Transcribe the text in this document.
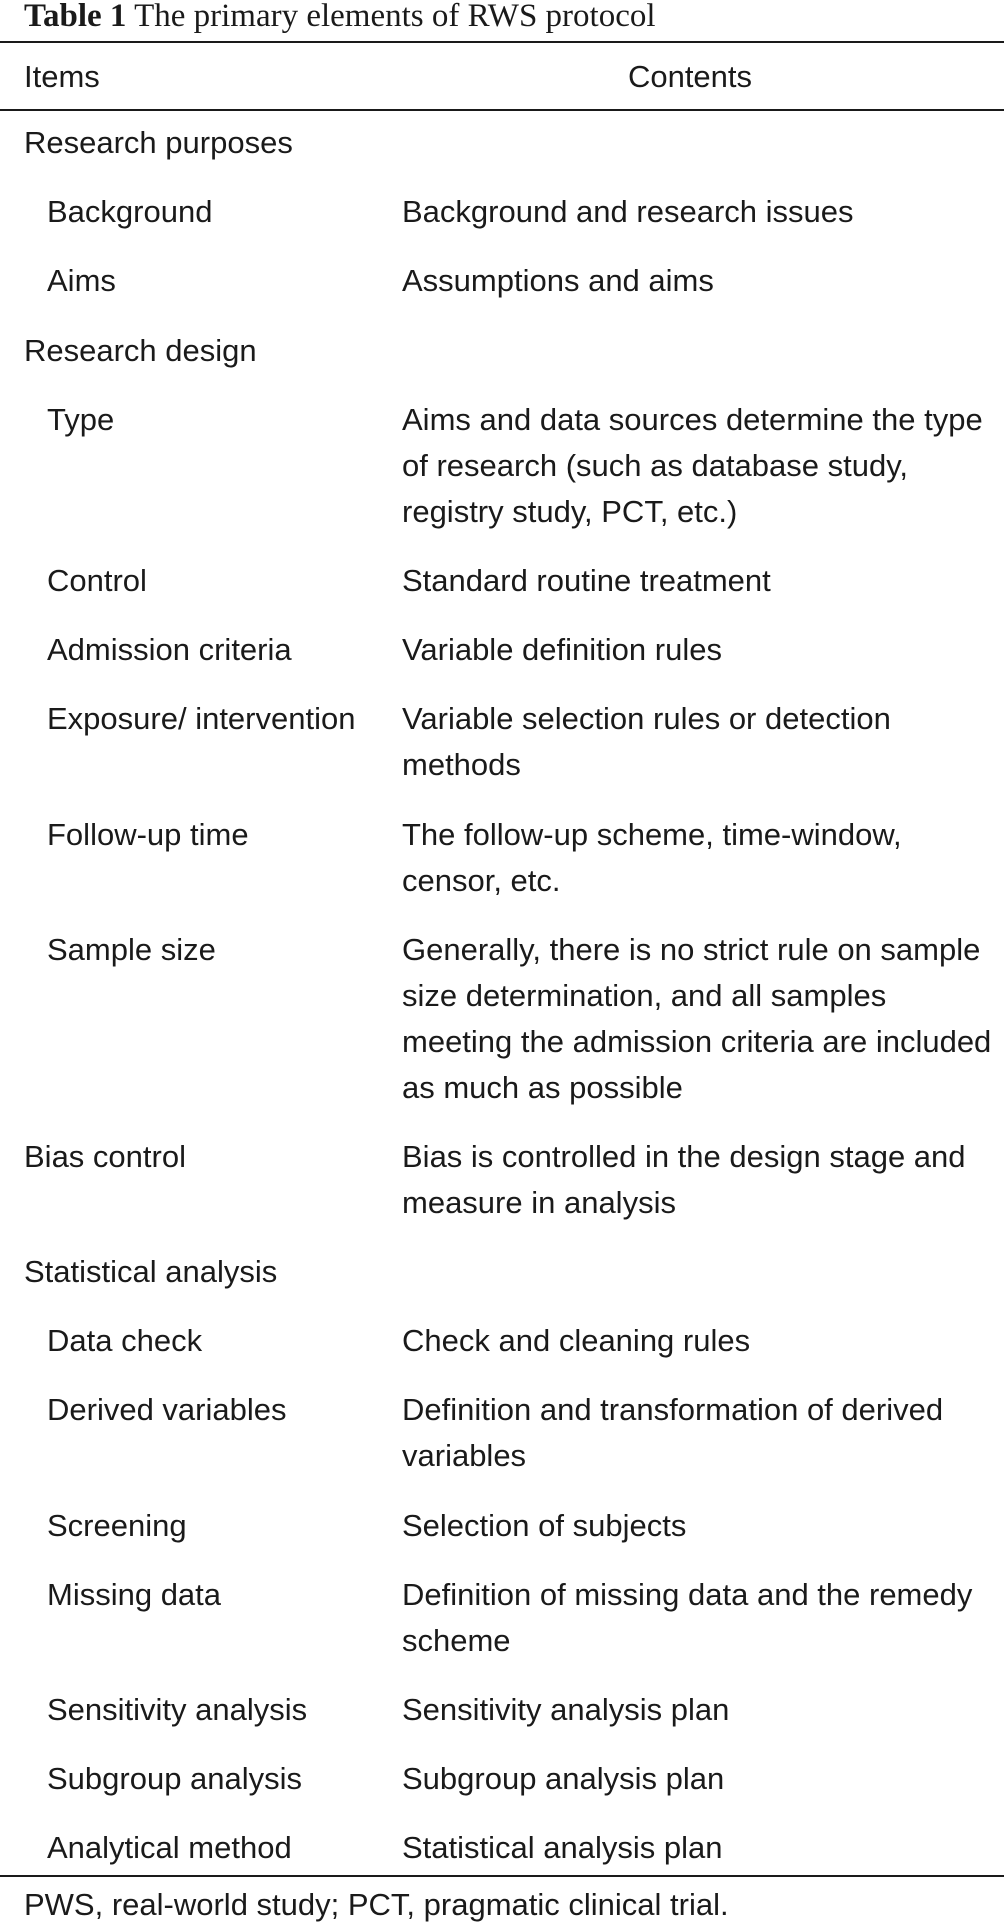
Table 1 The primary elements of RWS protocol
Items	Contents
Research purposes
Background	Background and research issues
Aims	Assumptions and aims
Research design
Type	Aims and data sources determine the type of research (such as database study, registry study, PCT, etc.)
Control	Standard routine treatment
Admission criteria	Variable definition rules
Exposure/ intervention	Variable selection rules or detection methods
Follow-up time	The follow-up scheme, time-window, censor, etc.
Sample size	Generally, there is no strict rule on sample size determination, and all samples meeting the admission criteria are included as much as possible
Bias control	Bias is controlled in the design stage and measure in analysis
Statistical analysis
Data check	Check and cleaning rules
Derived variables	Definition and transformation of derived variables
Screening	Selection of subjects
Missing data	Definition of missing data and the remedy scheme
Sensitivity analysis	Sensitivity analysis plan
Subgroup analysis	Subgroup analysis plan
Analytical method	Statistical analysis plan
PWS, real-world study; PCT, pragmatic clinical trial.
